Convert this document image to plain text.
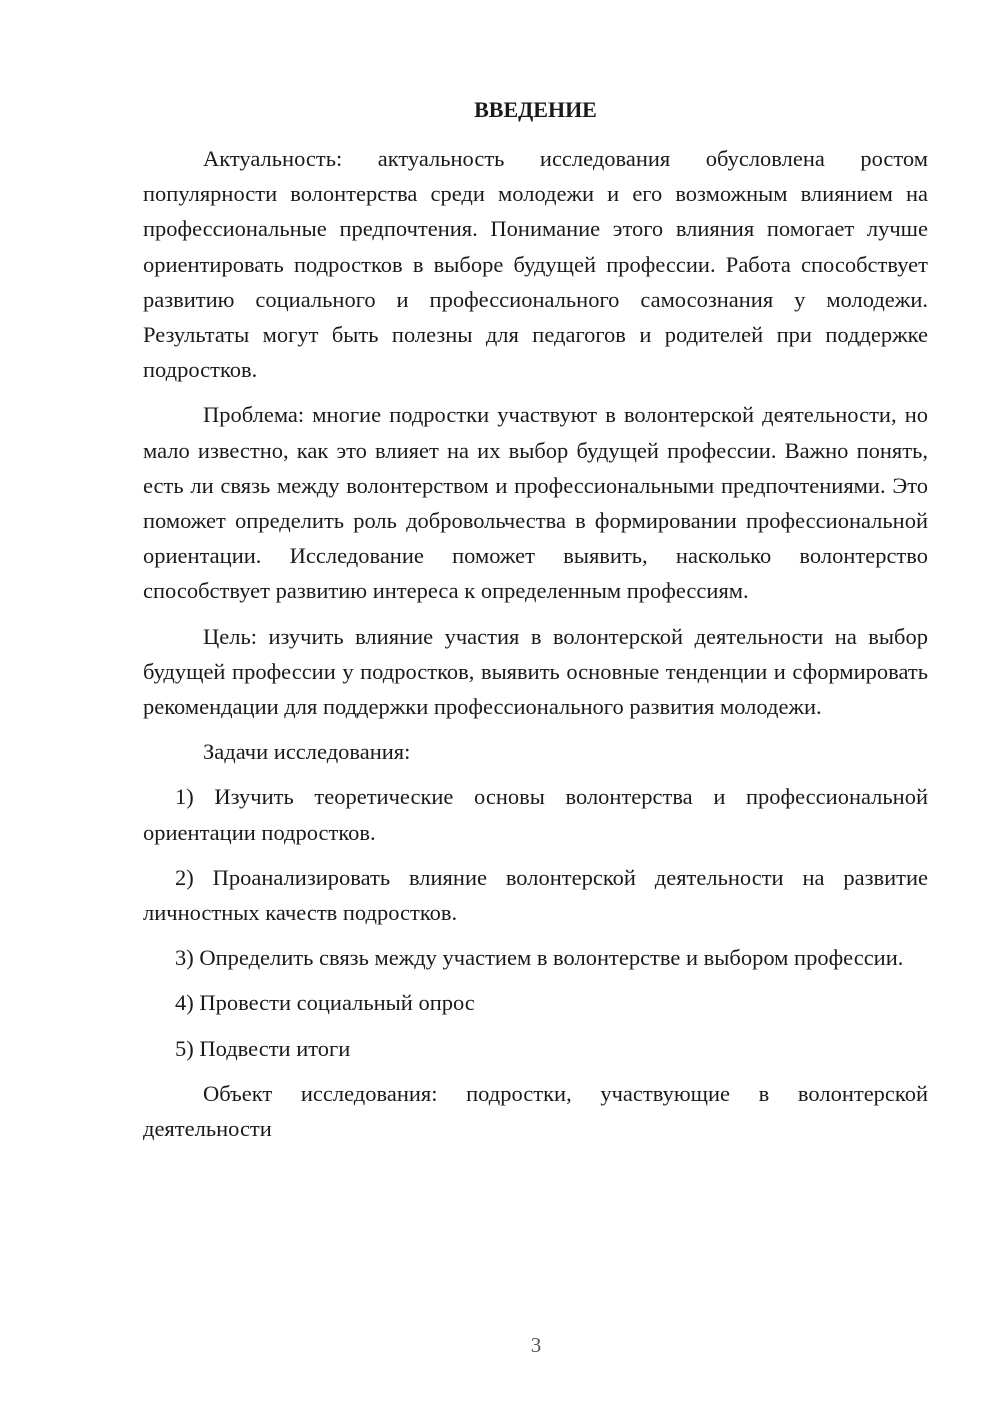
ВВЕДЕНИЕ
Актуальность: актуальность исследования обусловлена ростом популярности волонтерства среди молодежи и его возможным влиянием на профессиональные предпочтения. Понимание этого влияния помогает лучше ориентировать подростков в выборе будущей профессии. Работа способствует развитию социального и профессионального самосознания у молодежи. Результаты могут быть полезны для педагогов и родителей при поддержке подростков.
Проблема: многие подростки участвуют в волонтерской деятельности, но мало известно, как это влияет на их выбор будущей профессии. Важно понять, есть ли связь между волонтерством и профессиональными предпочтениями. Это поможет определить роль добровольчества в формировании профессиональной ориентации. Исследование поможет выявить, насколько волонтерство способствует развитию интереса к определенным профессиям.
Цель: изучить влияние участия в волонтерской деятельности на выбор будущей профессии у подростков, выявить основные тенденции и сформировать рекомендации для поддержки профессионального развития молодежи.
Задачи исследования:
1) Изучить теоретические основы волонтерства и профессиональной ориентации подростков.
2) Проанализировать влияние волонтерской деятельности на развитие личностных качеств подростков.
3) Определить связь между участием в волонтерстве и выбором профессии.
4) Провести социальный опрос
5) Подвести итоги
Объект исследования: подростки, участвующие в волонтерской деятельности
3
